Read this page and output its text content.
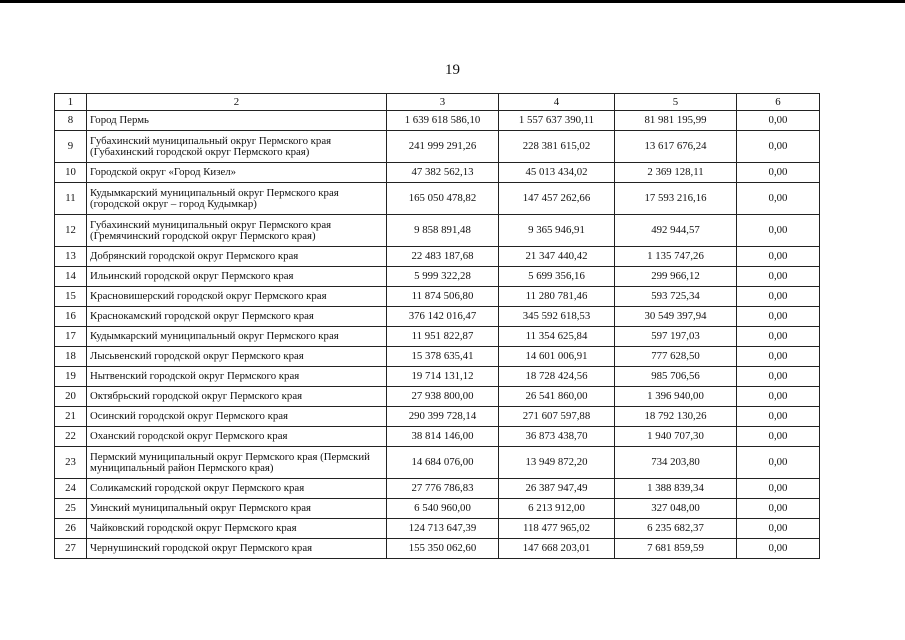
19
1	2	3	4	5	6
8	Город Пермь	1 639 618 586,10	1 557 637 390,11	81 981 195,99	0,00
9	Губахинский муниципальный округ Пермского края (Губахинский городской округ Пермского края)	241 999 291,26	228 381 615,02	13 617 676,24	0,00
10	Городской округ «Город Кизел»	47 382 562,13	45 013 434,02	2 369 128,11	0,00
11	Кудымкарский муниципальный округ Пермского края (городской округ – город Кудымкар)	165 050 478,82	147 457 262,66	17 593 216,16	0,00
12	Губахинский муниципальный округ Пермского края (Гремячинский городской округ Пермского края)	9 858 891,48	9 365 946,91	492 944,57	0,00
13	Добрянский городской округ Пермского края	22 483 187,68	21 347 440,42	1 135 747,26	0,00
14	Ильинский городской округ Пермского края	5 999 322,28	5 699 356,16	299 966,12	0,00
15	Красновишерский городской округ Пермского края	11 874 506,80	11 280 781,46	593 725,34	0,00
16	Краснокамский городской округ Пермского края	376 142 016,47	345 592 618,53	30 549 397,94	0,00
17	Кудымкарский муниципальный округ Пермского края	11 951 822,87	11 354 625,84	597 197,03	0,00
18	Лысьвенский городской округ Пермского края	15 378 635,41	14 601 006,91	777 628,50	0,00
19	Нытвенский городской округ Пермского края	19 714 131,12	18 728 424,56	985 706,56	0,00
20	Октябрьский городской округ Пермского края	27 938 800,00	26 541 860,00	1 396 940,00	0,00
21	Осинский городской округ Пермского края	290 399 728,14	271 607 597,88	18 792 130,26	0,00
22	Оханский городской округ Пермского края	38 814 146,00	36 873 438,70	1 940 707,30	0,00
23	Пермский муниципальный округ Пермского края (Пермский муниципальный район Пермского края)	14 684 076,00	13 949 872,20	734 203,80	0,00
24	Соликамский городской округ Пермского края	27 776 786,83	26 387 947,49	1 388 839,34	0,00
25	Уинский муниципальный округ Пермского края	6 540 960,00	6 213 912,00	327 048,00	0,00
26	Чайковский городской округ Пермского края	124 713 647,39	118 477 965,02	6 235 682,37	0,00
27	Чернушинский городской округ Пермского края	155 350 062,60	147 668 203,01	7 681 859,59	0,00
